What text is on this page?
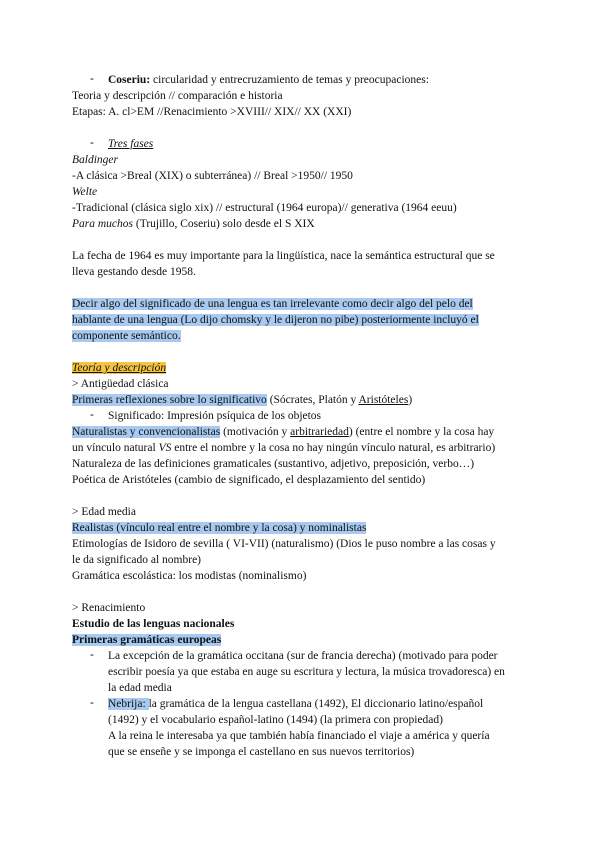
- Coseriu: circularidad y entrecruzamiento de temas y preocupaciones:
Teoria y descripción // comparación e historia
Etapas: A. cl>EM //Renacimiento >XVIII// XIX// XX (XXI)
- Tres fases
Baldinger
-A clásica >Breal (XIX) o subterránea) // Breal >1950// 1950
Welte
-Tradicional (clásica siglo xix) // estructural (1964 europa)// generativa (1964 eeuu)
Para muchos (Trujillo, Coseriu) solo desde el S XIX
La fecha de 1964 es muy importante para la lingüística, nace la semántica estructural que se
lleva gestando desde 1958.
Decir algo del significado de una lengua es tan irrelevante como decir algo del pelo del
hablante de una lengua (Lo dijo chomsky y le dijeron no pibe) posteriormente incluyó el
componente semántico.
Teoría y descripción
> Antigüedad clásica
Primeras reflexiones sobre lo significativo (Sócrates, Platón y Aristóteles)
- Significado: Impresión psíquica de los objetos
Naturalistas y convencionalistas (motivación y arbitrariedad) (entre el nombre y la cosa hay
un vínculo natural VS entre el nombre y la cosa no hay ningún vínculo natural, es arbitrario)
Naturaleza de las definiciones gramaticales (sustantivo, adjetivo, preposición, verbo…)
Poética de Aristóteles (cambio de significado, el desplazamiento del sentido)
> Edad media
Realistas (vínculo real entre el nombre y la cosa) y nominalistas
Etimologías de Isidoro de sevilla ( VI-VII) (naturalismo) (Dios le puso nombre a las cosas y
le da significado al nombre)
Gramática escolástica: los modistas (nominalismo)
> Renacimiento
Estudio de las lenguas nacionales
Primeras gramáticas europeas
- La excepción de la gramática occitana (sur de francia derecha) (motivado para poder
escribir poesía ya que estaba en auge su escritura y lectura, la música trovadoresca) en
la edad media
- Nebrija: la gramática de la lengua castellana (1492), El diccionario latino/español
(1492) y el vocabulario español-latino (1494) (la primera con propiedad)
A la reina le interesaba ya que también había financiado el viaje a américa y quería
que se enseñe y se imponga el castellano en sus nuevos territorios)
